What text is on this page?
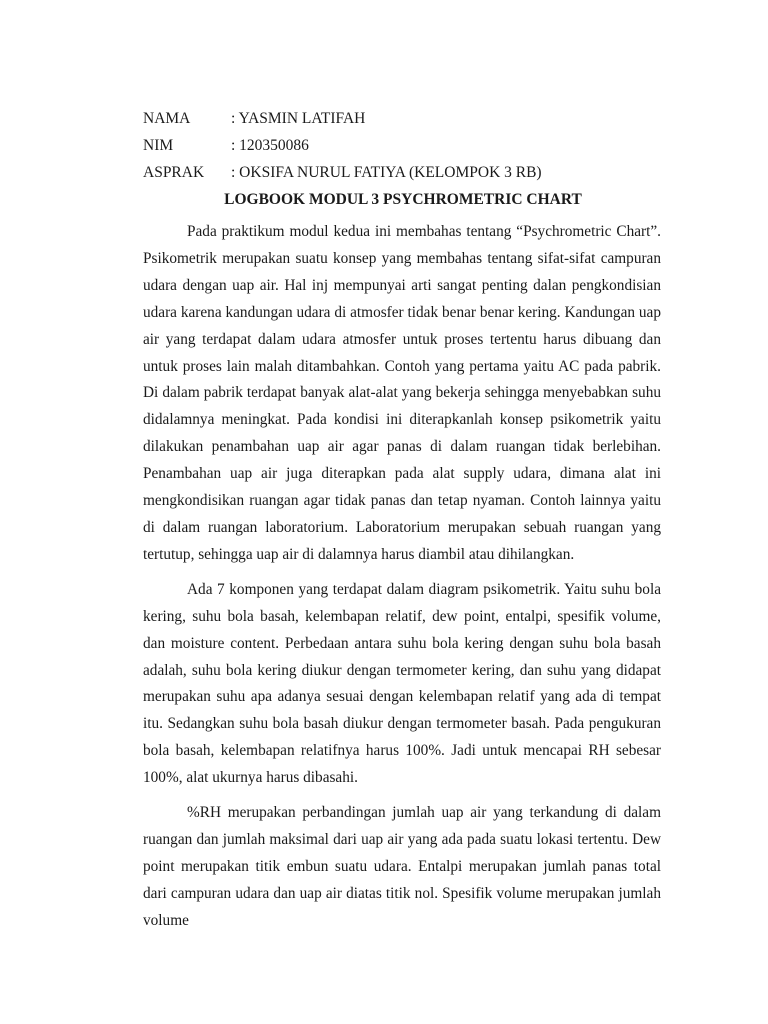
NAMA	: YASMIN LATIFAH
NIM	: 120350086
ASPRAK : OKSIFA NURUL FATIYA (KELOMPOK 3 RB)
LOGBOOK MODUL 3 PSYCHROMETRIC CHART

Pada praktikum modul kedua ini membahas tentang “Psychrometric Chart”. Psikometrik merupakan suatu konsep yang membahas tentang sifat-sifat campuran udara dengan uap air. Hal inj mempunyai arti sangat penting dalan pengkondisian udara karena kandungan udara di atmosfer tidak benar benar kering. Kandungan uap air yang terdapat dalam udara atmosfer untuk proses tertentu harus dibuang dan untuk proses lain malah ditambahkan. Contoh yang pertama yaitu AC pada pabrik. Di dalam pabrik terdapat banyak alat-alat yang bekerja sehingga menyebabkan suhu didalamnya meningkat. Pada kondisi ini diterapkanlah konsep psikometrik yaitu dilakukan penambahan uap air agar panas di dalam ruangan tidak berlebihan. Penambahan uap air juga diterapkan pada alat supply udara, dimana alat ini mengkondisikan ruangan agar tidak panas dan tetap nyaman. Contoh lainnya yaitu di dalam ruangan laboratorium. Laboratorium merupakan sebuah ruangan yang tertutup, sehingga uap air di dalamnya harus diambil atau dihilangkan.

Ada 7 komponen yang terdapat dalam diagram psikometrik. Yaitu suhu bola kering, suhu bola basah, kelembapan relatif, dew point, entalpi, spesifik volume, dan moisture content. Perbedaan antara suhu bola kering dengan suhu bola basah adalah, suhu bola kering diukur dengan termometer kering, dan suhu yang didapat merupakan suhu apa adanya sesuai dengan kelembapan relatif yang ada di tempat itu. Sedangkan suhu bola basah diukur dengan termometer basah. Pada pengukuran bola basah, kelembapan relatifnya harus 100%. Jadi untuk mencapai RH sebesar 100%, alat ukurnya harus dibasahi.

%RH merupakan perbandingan jumlah uap air yang terkandung di dalam ruangan dan jumlah maksimal dari uap air yang ada pada suatu lokasi tertentu. Dew point merupakan titik embun suatu udara. Entalpi merupakan jumlah panas total dari campuran udara dan uap air diatas titik nol. Spesifik volume merupakan jumlah volume
